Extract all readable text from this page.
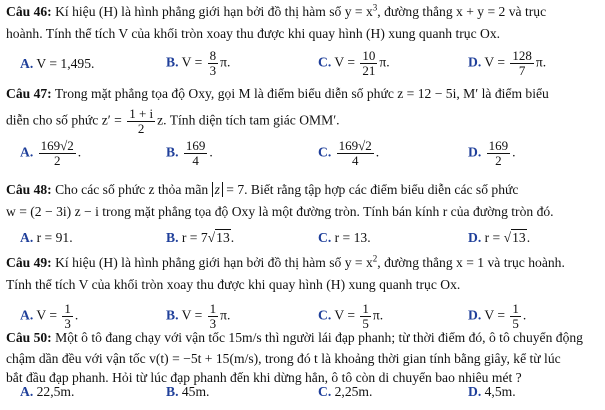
Câu 46: Kí hiệu (H) là hình phẳng giới hạn bởi đồ thị hàm số $y = x^3$, đường thẳng x + y = 2 và trục
hoành. Tính thể tích V của khối tròn xoay thu được khi quay hình (H) xung quanh trục Ox.
A. V = 1,495.	B. $V = \frac{8}{3} \pi$.	C. $V = \frac{10}{21} \pi$.	D. $V = \frac{128}{7} \pi$.
Câu 47: Trong mặt phẳng tọa độ Oxy, gọi M là điểm biểu diễn số phức z = 12 − 5i, M′ là điểm biểu
diễn cho số phức $z' = \frac{1 + i}{2} z$. Tính diện tích tam giác OMM′.
A. $\frac{169√2}{2}$ .	B. $\frac{169}{4}$ .	C. $\frac{169√2}{4}$ .	D. $\frac{169}{2}$ .
Câu 48: Cho các số phức z thỏa mãn z = 7. Biết rằng tập hợp các điểm biểu diễn các số phức
w = (2 − 3i) z − i trong mặt phẳng tọa độ Oxy là một đường tròn. Tính bán kính r của đường tròn đó.
A. r = 91.	B. r = 7√13.	C. r = 13.	D. r = √13.
Câu 49: Kí hiệu (H) là hình phẳng giới hạn bởi đồ thị hàm số $y = x^2$, đường thẳng x = 1 và trục hoành.
Tính thể tích V của khối tròn xoay thu được khi quay hình (H) xung quanh trục Ox.
A. $V = \frac{1}{3}$ .	B. $V = \frac{1}{3} \pi$.	C. $V = \frac{1}{5} \pi$.	D. $V = \frac{1}{5}$ .
Câu 50: Một ô tô đang chạy với vận tốc 15m/s thì người lái đạp phanh; từ thời điểm đó, ô tô chuyển động
chậm dần đều với vận tốc v(t) = −5t + 15(m/s), trong đó t là khoảng thời gian tính bằng giây, kể từ lúc
bắt đầu đạp phanh. Hỏi từ lúc đạp phanh đến khi dừng hẳn, ô tô còn di chuyển bao nhiêu mét ?
A. 22,5m.	B. 45m.	C. 2,25m.	D. 4,5m.
